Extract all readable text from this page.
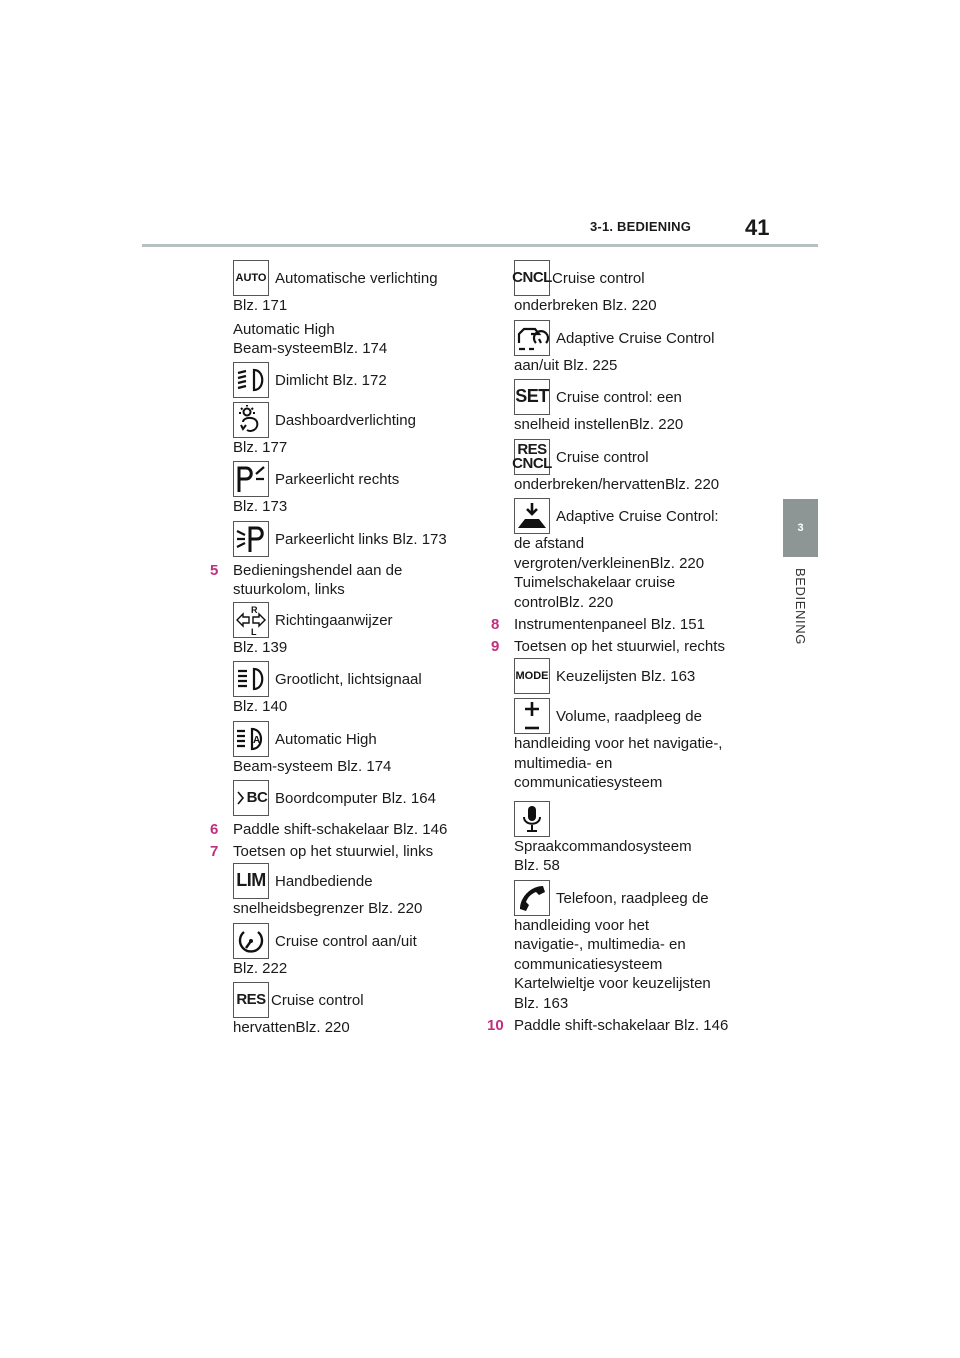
3-1. BEDIENING 41
3
BEDIENING
AUTO Automatische verlichting
Blz. 171
Automatic High
Beam-systeemBlz. 174
Dimlicht Blz. 172
Dashboardverlichting
Blz. 177
Parkeerlicht rechts
Blz. 173
Parkeerlicht links Blz. 173
5 Bedieningshendel aan de
stuurkolom, links
R
L
Richtingaanwijzer
Blz. 139
Grootlicht, lichtsignaal
Blz. 140
A Automatic High
Beam-systeem Blz. 174
BC Boordcomputer Blz. 164
6 Paddle shift-schakelaar Blz. 146
7 Toetsen op het stuurwiel, links
LIM Handbediende
snelheidsbegrenzer Blz. 220
Cruise control aan/uit
Blz. 222
RES Cruise control
hervattenBlz. 220
CNCL Cruise control
onderbreken Blz. 220
Adaptive Cruise Control
aan/uit Blz. 225
SET Cruise control: een
snelheid instellenBlz. 220
RES
CNCL Cruise control
onderbreken/hervattenBlz. 220
Adaptive Cruise Control:
de afstand
vergroten/verkleinenBlz. 220
Tuimelschakelaar cruise
controlBlz. 220
8 Instrumentenpaneel Blz. 151
9 Toetsen op het stuurwiel, rechts
MODE Keuzelijsten Blz. 163
Volume, raadpleeg de
handleiding voor het navigatie-,
multimedia- en
communicatiesysteem
Spraakcommandosysteem
Blz. 58
Telefoon, raadpleeg de
handleiding voor het
navigatie-, multimedia- en
communicatiesysteem
Kartelwieltje voor keuzelijsten
Blz. 163
10 Paddle shift-schakelaar Blz. 146
